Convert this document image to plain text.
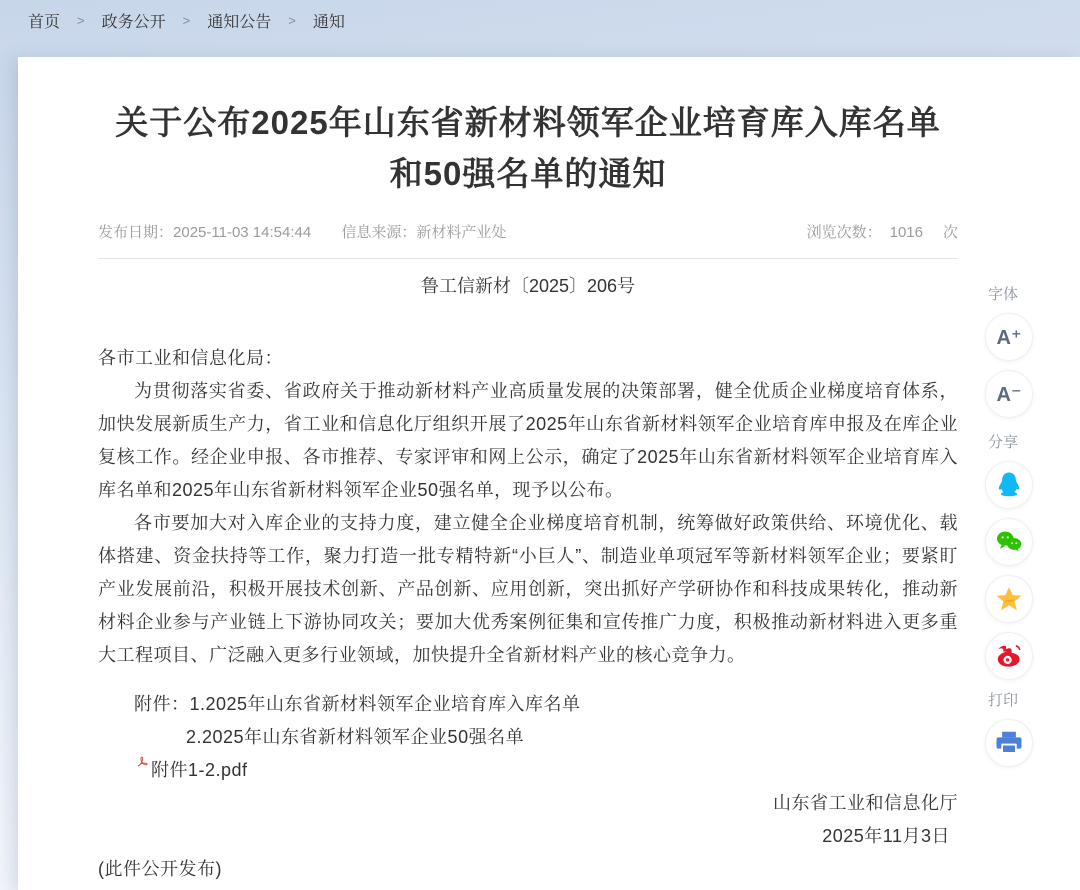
首页 > 政务公开 > 通知公告 > 通知
关于公布2025年山东省新材料领军企业培育库入库名单
和50强名单的通知
发布日期：2025-11-03 14:54:44 信息来源：新材料产业处	浏览次数： 1016 次
鲁工信新材〔2025〕206号

各市工业和信息化局：

为贯彻落实省委、省政府关于推动新材料产业高质量发展的决策部署，健全优质企业梯度培育体系，加快发展新质生产力，省工业和信息化厅组织开展了2025年山东省新材料领军企业培育库申报及在库企业复核工作。经企业申报、各市推荐、专家评审和网上公示，确定了2025年山东省新材料领军企业培育库入库名单和2025年山东省新材料领军企业50强名单，现予以公布。

各市要加大对入库企业的支持力度，建立健全企业梯度培育机制，统筹做好政策供给、环境优化、载体搭建、资金扶持等工作，聚力打造一批专精特新“小巨人”、制造业单项冠军等新材料领军企业；要紧盯产业发展前沿，积极开展技术创新、产品创新、应用创新，突出抓好产学研协作和科技成果转化，推动新材料企业参与产业链上下游协同攻关；要加大优秀案例征集和宣传推广力度，积极推动新材料进入更多重大工程项目、广泛融入更多行业领域，加快提升全省新材料产业的核心竞争力。

附件：1.2025年山东省新材料领军企业培育库入库名单

2.2025年山东省新材料领军企业50强名单

附件1-2.pdf

山东省工业和信息化厅

2025年11月3日

(此件公开发布)

字体
A⁺
A⁻
分享
打印
